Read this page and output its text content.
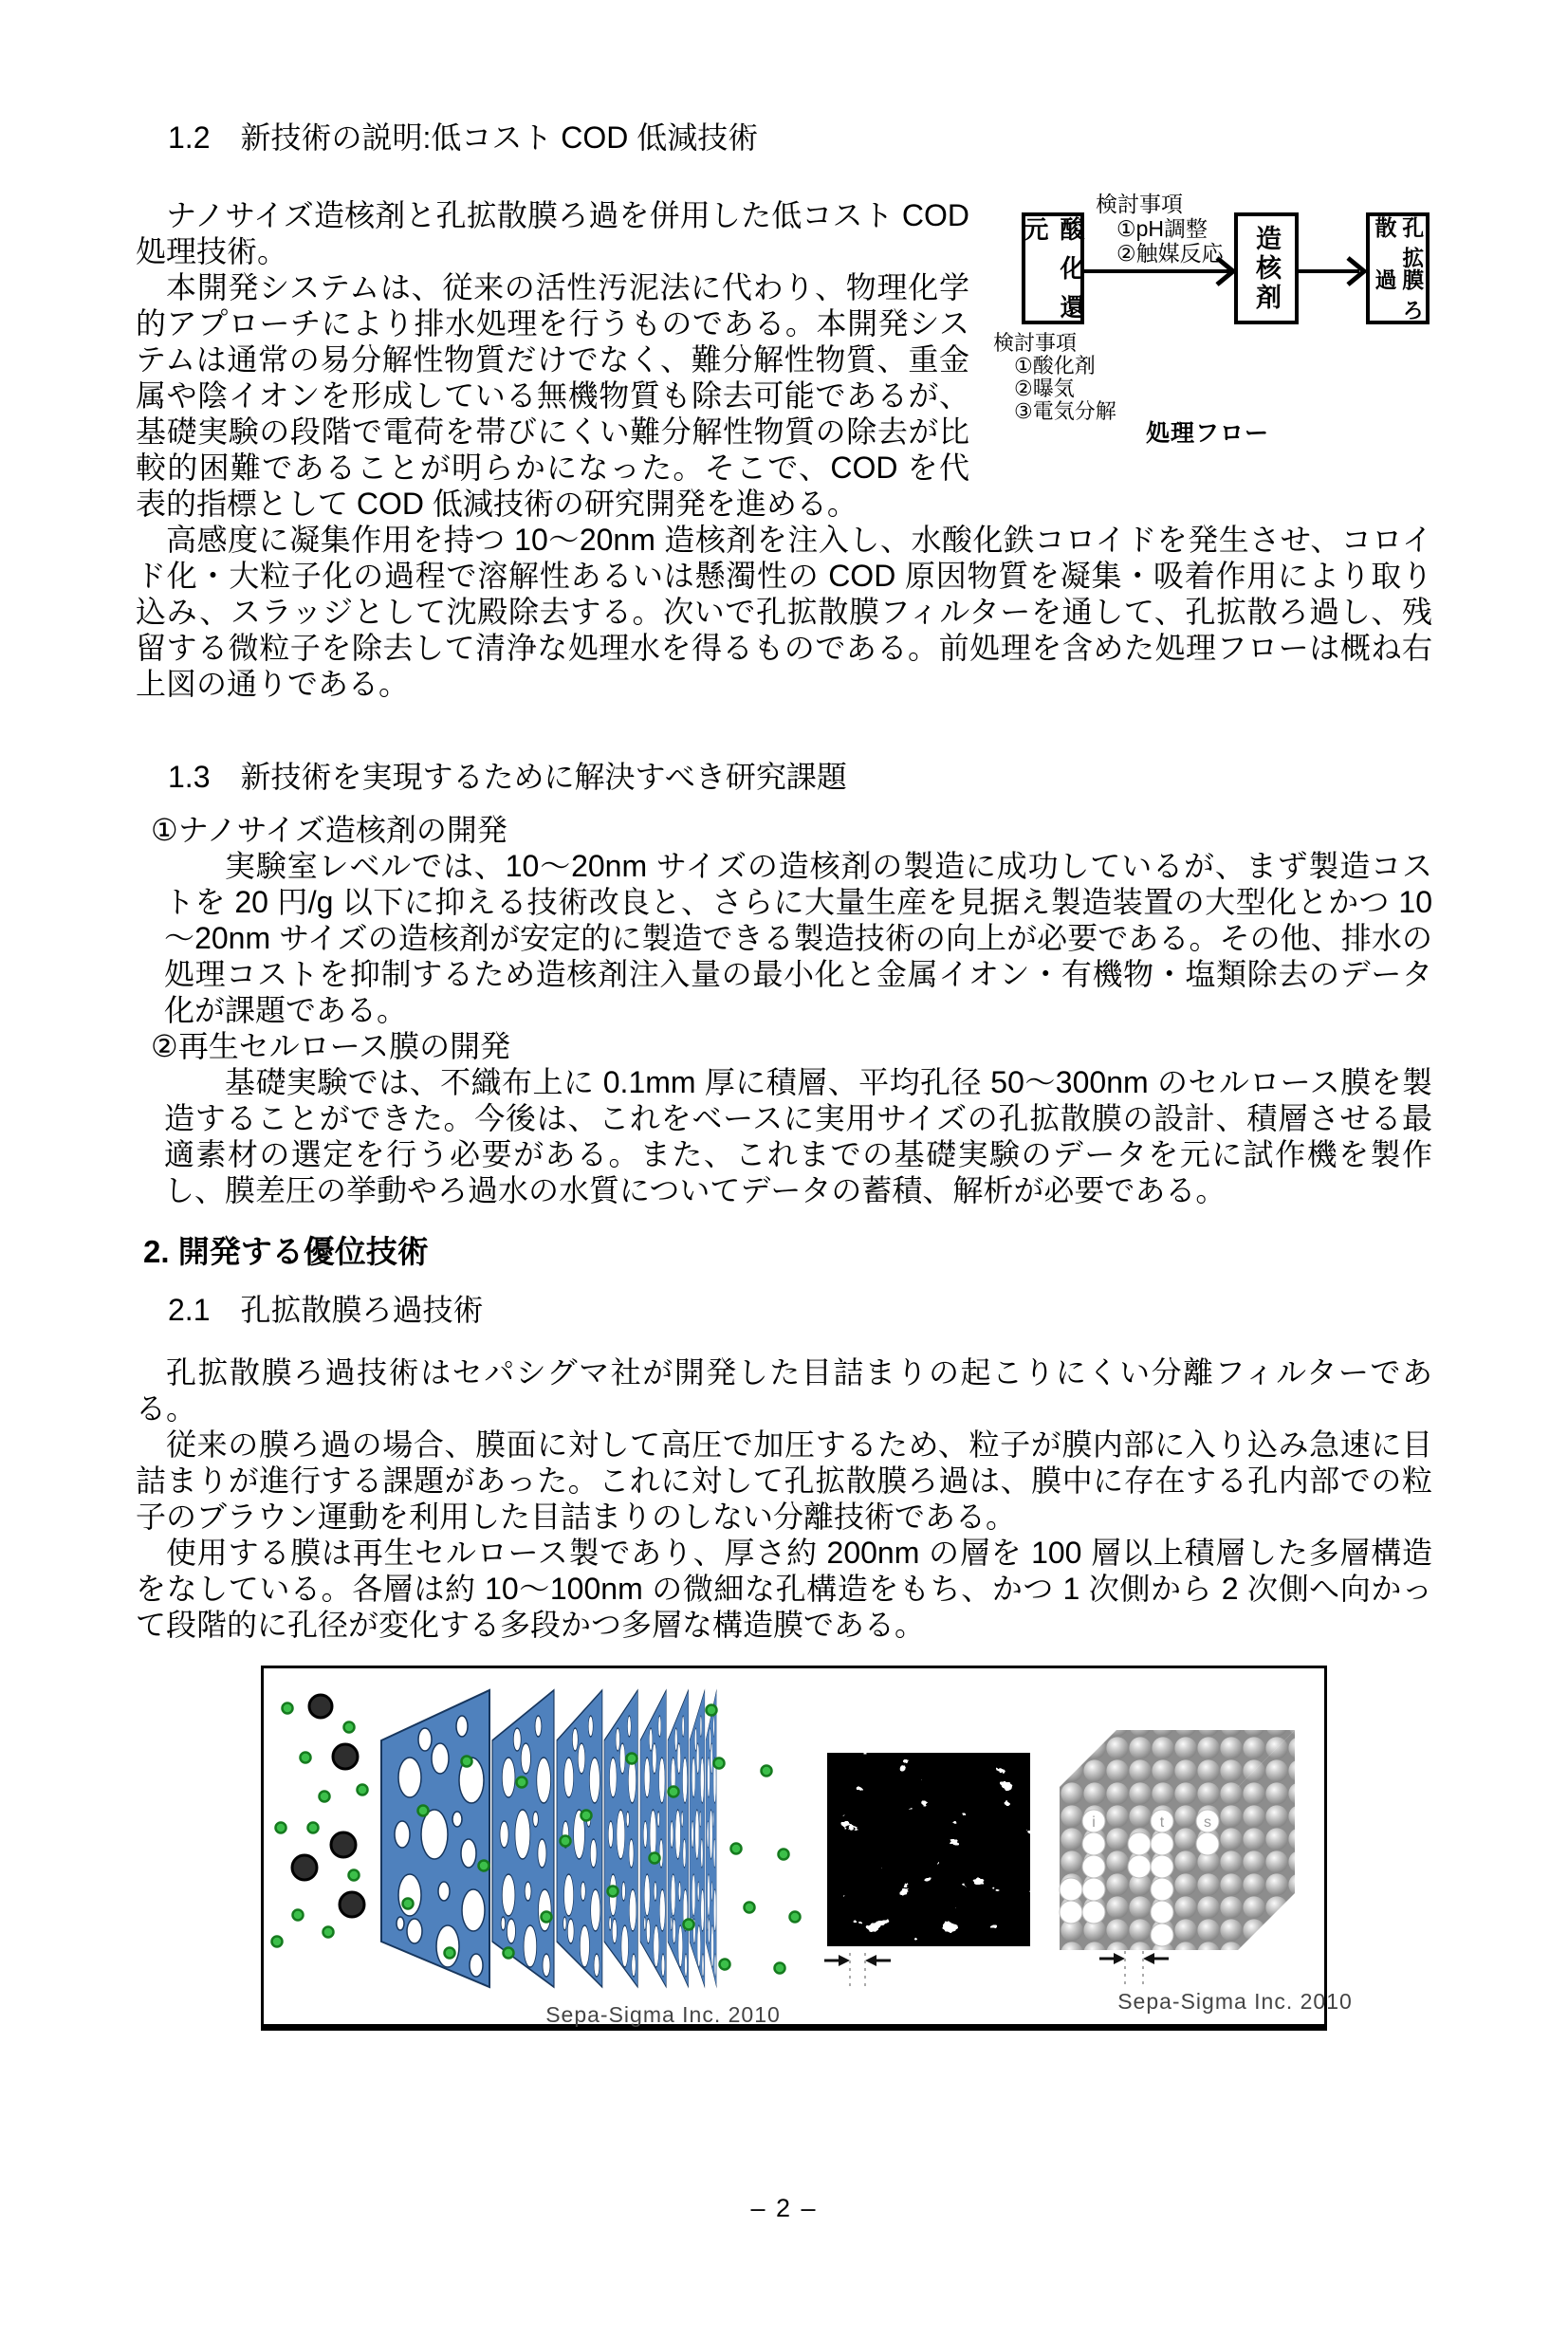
1.2　新技術の説明:低コスト COD 低減技術
検討事項
①pH調整
②触媒反応
酸化還元	造核剤	孔拡散
膜ろ過
検討事項
①酸化剤
②曝気
③電気分解
処理フロー

ナノサイズ造核剤と孔拡散膜ろ過を併用した低コスト COD 処理技術。

本開発システムは、従来の活性汚泥法に代わり、物理化学的アプローチにより排水処理を行うものである。本開発システムは通常の易分解性物質だけでなく、難分解性物質、重金属や陰イオンを形成している無機物質も除去可能であるが、基礎実験の段階で電荷を帯びにくい難分解性物質の除去が比較的困難であることが明らかになった。そこで、COD を代表的指標として COD 低減技術の研究開発を進める。

高感度に凝集作用を持つ 10～20nm 造核剤を注入し、水酸化鉄コロイドを発生させ、コロイド化・大粒子化の過程で溶解性あるいは懸濁性の COD 原因物質を凝集・吸着作用により取り込み、スラッジとして沈殿除去する。次いで孔拡散膜フィルターを通して、孔拡散ろ過し、残留する微粒子を除去して清浄な処理水を得るものである。前処理を含めた処理フローは概ね右上図の通りである。

1.3　新技術を実現するために解決すべき研究課題

①ナノサイズ造核剤の開発

実験室レベルでは、10～20nm サイズの造核剤の製造に成功しているが、まず製造コストを 20 円/g 以下に抑える技術改良と、さらに大量生産を見据え製造装置の大型化とかつ 10～20nm サイズの造核剤が安定的に製造できる製造技術の向上が必要である。その他、排水の処理コストを抑制するため造核剤注入量の最小化と金属イオン・有機物・塩類除去のデータ化が課題である。

②再生セルロース膜の開発

基礎実験では、不織布上に 0.1mm 厚に積層、平均孔径 50～300nm のセルロース膜を製造することができた。今後は、これをベースに実用サイズの孔拡散膜の設計、積層させる最適素材の選定を行う必要がある。また、これまでの基礎実験のデータを元に試作機を製作し、膜差圧の挙動やろ過水の水質についてデータの蓄積、解析が必要である。

2. 開発する優位技術
2.1　孔拡散膜ろ過技術

孔拡散膜ろ過技術はセパシグマ社が開発した目詰まりの起こりにくい分離フィルターである。

従来の膜ろ過の場合、膜面に対して高圧で加圧するため、粒子が膜内部に入り込み急速に目詰まりが進行する課題があった。これに対して孔拡散膜ろ過は、膜中に存在する孔内部での粒子のブラウン運動を利用した目詰まりのしない分離技術である。

使用する膜は再生セルロース製であり、厚さ約 200nm の層を 100 層以上積層した多層構造をなしている。各層は約 10～100nm の微細な孔構造をもち、かつ 1 次側から 2 次側へ向かって段階的に孔径が変化する多段かつ多層な構造膜である。

i	t	s
Sepa-Sigma Inc. 2010
Sepa-Sigma Inc. 2010
– 2 –
